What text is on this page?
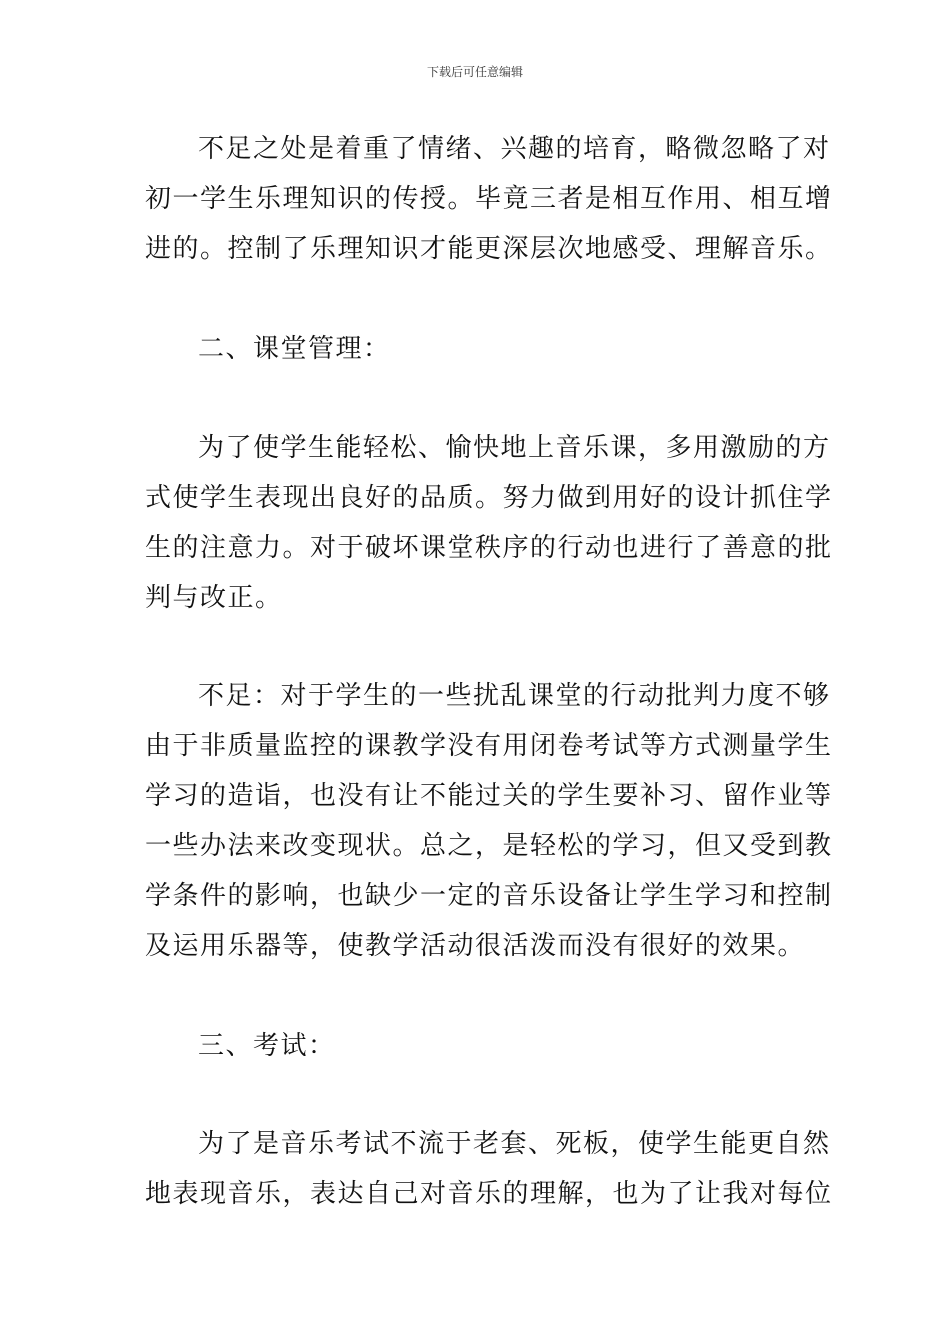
下载后可任意编辑
不足之处是着重了情绪、兴趣的培育，略微忽略了对
初一学生乐理知识的传授。毕竟三者是相互作用、相互增
进的。控制了乐理知识才能更深层次地感受、理解音乐。
二、课堂管理：
为了使学生能轻松、愉快地上音乐课，多用激励的方
式使学生表现出良好的品质。努力做到用好的设计抓住学
生的注意力。对于破坏课堂秩序的行动也进行了善意的批
判与改正。
不足：对于学生的一些扰乱课堂的行动批判力度不够
由于非质量监控的课教学没有用闭卷考试等方式测量学生
学习的造诣，也没有让不能过关的学生要补习、留作业等
一些办法来改变现状。总之，是轻松的学习，但又受到教
学条件的影响，也缺少一定的音乐设备让学生学习和控制
及运用乐器等，使教学活动很活泼而没有很好的效果。
三、考试：
为了是音乐考试不流于老套、死板，使学生能更自然
地表现音乐，表达自己对音乐的理解，也为了让我对每位
